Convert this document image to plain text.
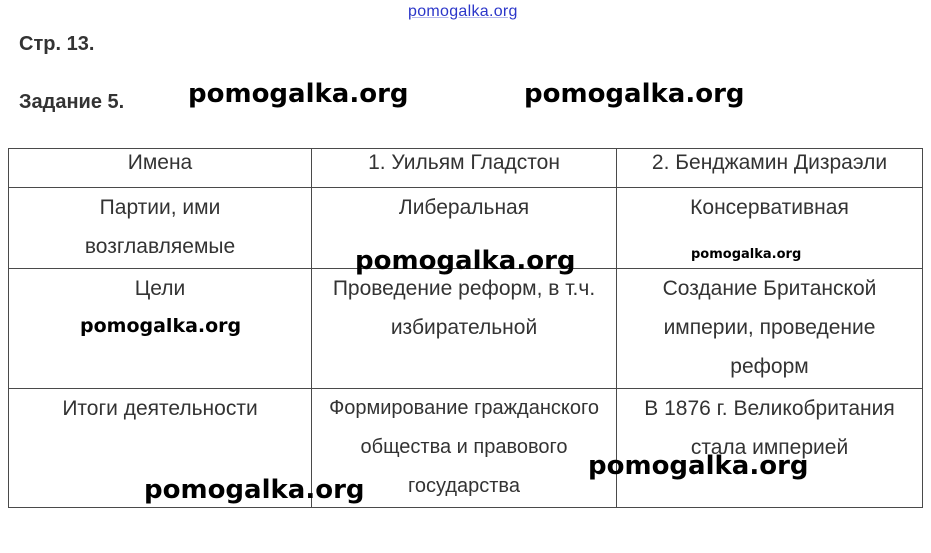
pomogalka.org
Стр. 13.
Задание 5. pomogalka.org	pomogalka.org
Имена	1. Уильям Гладстон	2. Бенджамин Дизраэли

Партии, ими возглавляемые	Либеральная	Консервативная
Цели	Проведение реформ, в т.ч. избирательной	Создание Британской империи, проведение реформ

Итоги деятельности	Формирование гражданского общества и правового государства	В 1876 г. Великобритания стала империей
pomogalka.org
pomogalka.org
pomogalka.org
pomogalka.org
pomogalka.org
